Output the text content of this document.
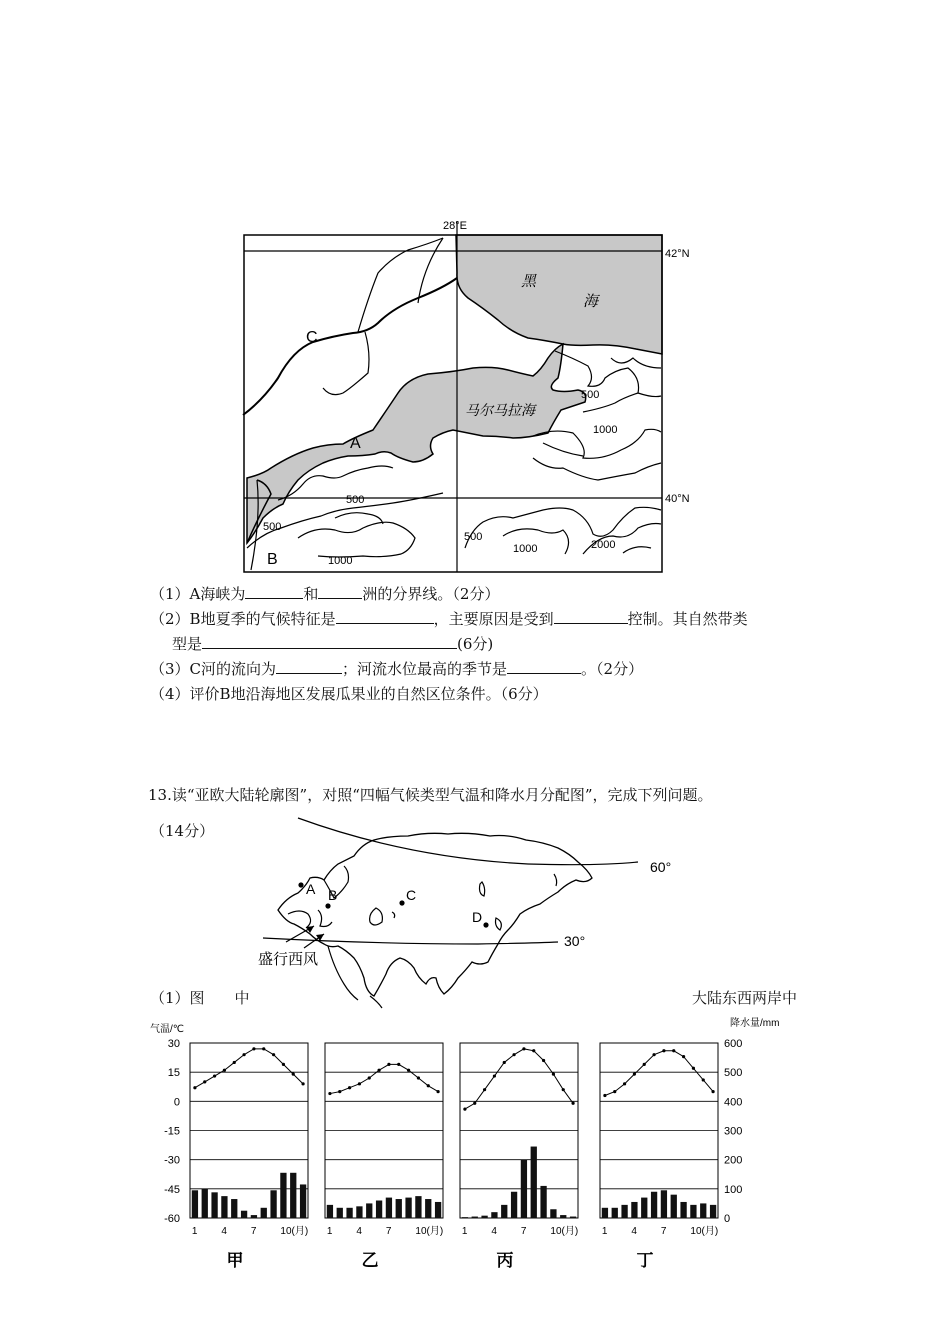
28°E
42°N
40°N
黑
海
马尔马拉海
A
B
C
500
1000
500
500
1000
500
1000	2000
（1）A海峡为	和	洲的分界线。（2分）
（2）B地夏季的气候特征是	，主要原因是受到	控制。其自然带类
型是	(6分)
（3）C河的流向为	；河流水位最高的季节是	。（2分）
（4）评价B地沿海地区发展瓜果业的自然区位条件。（6分）
13.读“亚欧大陆轮廓图”，对照“四幅气候类型气温和降水月分配图”，完成下列问题。
（14分）
A B	C
D
60°
30°
盛行西风
（1）图　　中	大陆东西两岸中
气温/℃
降水量/mm
30
15
0
-15
-30
-45
-60
600
500
400
300
200
100
0
1 4 7 10(月)
甲
1 4 7 10(月)
乙
1 4 7 10(月)
丙
1 4 7 10(月)
丁
